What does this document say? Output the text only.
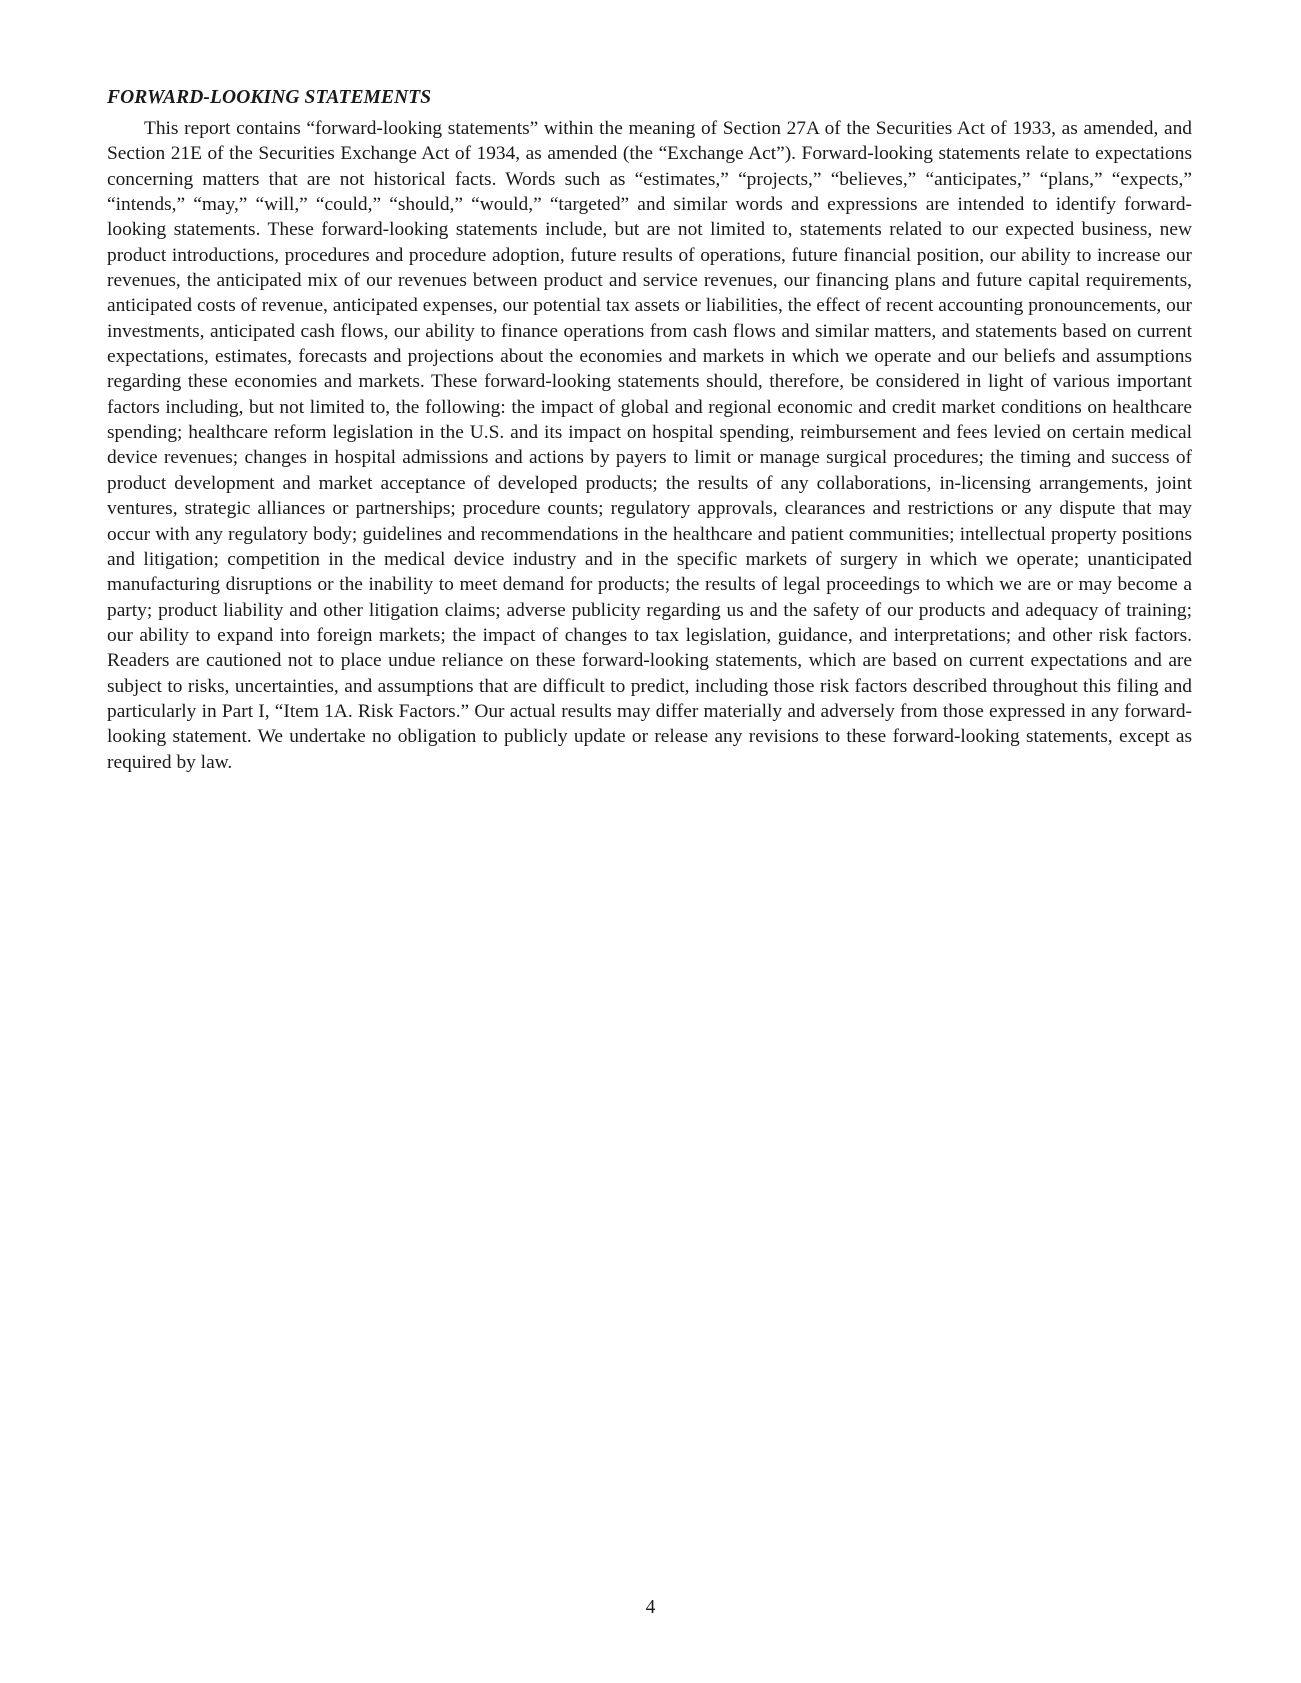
FORWARD-LOOKING STATEMENTS

This report contains “forward-looking statements” within the meaning of Section 27A of the Securities Act of 1933, as amended, and Section 21E of the Securities Exchange Act of 1934, as amended (the “Exchange Act”). Forward-looking statements relate to expectations concerning matters that are not historical facts. Words such as “estimates,” “projects,” “believes,” “anticipates,” “plans,” “expects,” “intends,” “may,” “will,” “could,” “should,” “would,” “targeted” and similar words and expressions are intended to identify forward-looking statements. These forward-looking statements include, but are not limited to, statements related to our expected business, new product introductions, procedures and procedure adoption, future results of operations, future financial position, our ability to increase our revenues, the anticipated mix of our revenues between product and service revenues, our financing plans and future capital requirements, anticipated costs of revenue, anticipated expenses, our potential tax assets or liabilities, the effect of recent accounting pronouncements, our investments, anticipated cash flows, our ability to finance operations from cash flows and similar matters, and statements based on current expectations, estimates, forecasts and projections about the economies and markets in which we operate and our beliefs and assumptions regarding these economies and markets. These forward-looking statements should, therefore, be considered in light of various important factors including, but not limited to, the following: the impact of global and regional economic and credit market conditions on healthcare spending; healthcare reform legislation in the U.S. and its impact on hospital spending, reimbursement and fees levied on certain medical device revenues; changes in hospital admissions and actions by payers to limit or manage surgical procedures; the timing and success of product development and market acceptance of developed products; the results of any collaborations, in-licensing arrangements, joint ventures, strategic alliances or partnerships; procedure counts; regulatory approvals, clearances and restrictions or any dispute that may occur with any regulatory body; guidelines and recommendations in the healthcare and patient communities; intellectual property positions and litigation; competition in the medical device industry and in the specific markets of surgery in which we operate; unanticipated manufacturing disruptions or the inability to meet demand for products; the results of legal proceedings to which we are or may become a party; product liability and other litigation claims; adverse publicity regarding us and the safety of our products and adequacy of training; our ability to expand into foreign markets; the impact of changes to tax legislation, guidance, and interpretations; and other risk factors. Readers are cautioned not to place undue reliance on these forward-looking statements, which are based on current expectations and are subject to risks, uncertainties, and assumptions that are difficult to predict, including those risk factors described throughout this filing and particularly in Part I, “Item 1A. Risk Factors.” Our actual results may differ materially and adversely from those expressed in any forward-looking statement. We undertake no obligation to publicly update or release any revisions to these forward-looking statements, except as required by law.

4
